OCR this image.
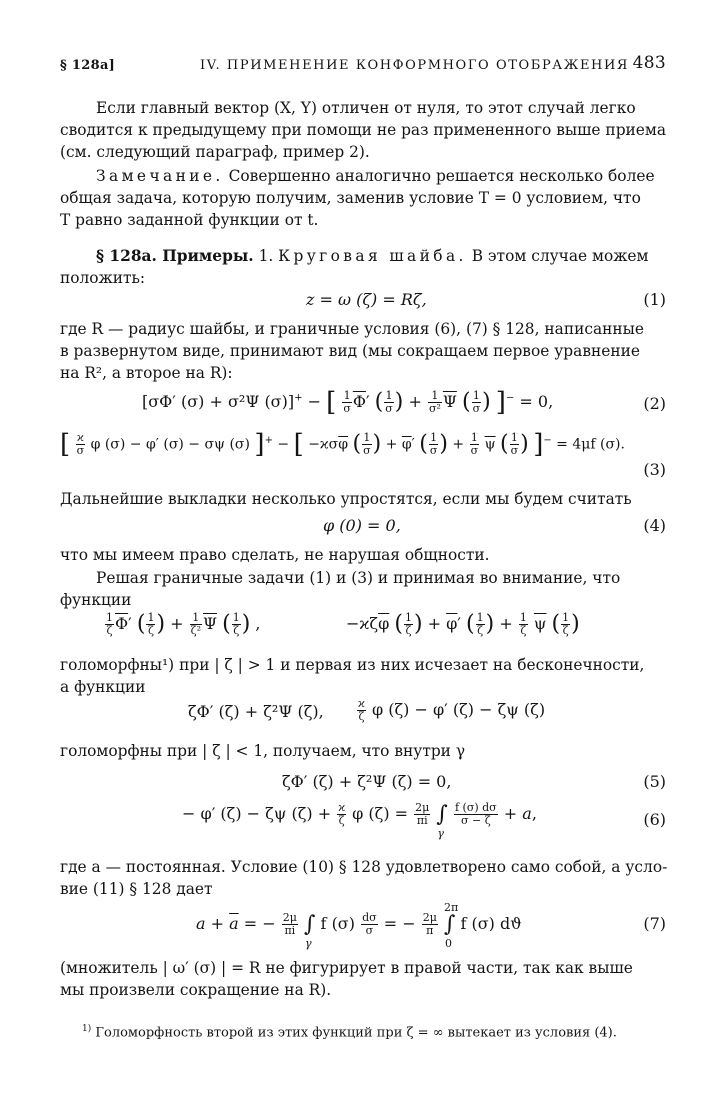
§ 128а]	IV. ПРИМЕНЕНИЕ КОНФОРМНОГО ОТОБРАЖЕНИЯ 483
Если главный вектор (X, Y) отличен от нуля, то этот случай легко
сводится к предыдущему при помощи не раз примененного выше приема
(см. следующий параграф, пример 2).
Замечание. Совершенно аналогично решается несколько более
общая задача, которую получим, заменив условие T = 0 условием, что
T равно заданной функции от t.
§ 128а. Примеры. 1. Круговая шайба. В этом случае можем
положить:
z = ω (ζ) = Rζ,	(1)
где R — радиус шайбы, и граничные условия (6), (7) § 128, написанные
в развернутом виде, принимают вид (мы сокращаем первое уравнение
на R², а второе на R):
[σΦ′ (σ) + σ²Ψ (σ)]+ − [ $\frac{1}{\sigma} \overline{\Phi}'$ ( $\frac{1}{\sigma}$ ) + $\frac{1}{\text{σ²}} \overline{\Psi}$ ( $\frac{1}{\sigma}$ ) ]− = 0,	(2)
[ $\frac{ϰ}{\sigma}$ φ (σ) − φ′ (σ) − σψ (σ) ]+ − [ $-ϰ\sigma\overline{\varphi}$ ( $\frac{1}{\sigma}$ ) + $\overline{\varphi}'$ ( $\frac{1}{\sigma}$ ) + $\frac{1}{\sigma} \overline{\psi}$ ( $\frac{1}{\sigma}$ ) ]− = 4μf (σ).
(3)
Дальнейшие выкладки несколько упростятся, если мы будем считать
φ (0) = 0,	(4)
что мы имеем право сделать, не нарушая общности.
Решая граничные задачи (1) и (3) и принимая во внимание, что
функции
$\frac{1}{\zeta} \overline{\Phi}'$ ( $\frac{1}{\zeta}$ ) + $\frac{1}{\text{ζ²}} \overline{\Psi}$ ( $\frac{1}{\zeta}$ ) ,	$-ϰ\zeta\overline{\varphi}$ ( $\frac{1}{\zeta}$ ) + $\overline{\varphi}'$ ( $\frac{1}{\zeta}$ ) + $\frac{1}{\zeta} \overline{\psi}$ ( $\frac{1}{\zeta}$ )
голоморфны¹) при | ζ | > 1 и первая из них исчезает на бесконечности,
а функции
ζΦ′ (ζ) + ζ²Ψ (ζ),	$\frac{ϰ}{\zeta}$ φ (ζ) − φ′ (ζ) − ζψ (ζ)
голоморфны при | ζ | < 1, получаем, что внутри γ
ζΦ′ (ζ) + ζ²Ψ (ζ) = 0,	(5)
− φ′ (ζ) − ζψ $(\zeta) + \frac{ϰ}{\zeta}$ φ $(\zeta) = \frac{2\mu}{\pi i}$ ∫
γ

$\frac{f (\sigma) d\sigma}{\sigma - \zeta} + a$,	(6)
где a — постоянная. Условие (10) § 128 удовлетворено само собой, а усло-
вие (11) § 128 дает
$a + \overline{a}$ = − $\frac{2\mu}{\pi i}$ ∫
γ
f $(\sigma) \frac{d\sigma}{\sigma}$ = − $\frac{2\mu}{\pi}$ ∫
2π
0
f (σ) dϑ	(7)
(множитель | ω′ (σ) | = R не фигурирует в правой части, так как выше
мы произвели сокращение на R).
$^{1)}$ Голоморфность второй из этих функций при ζ = ∞ вытекает из условия (4).
